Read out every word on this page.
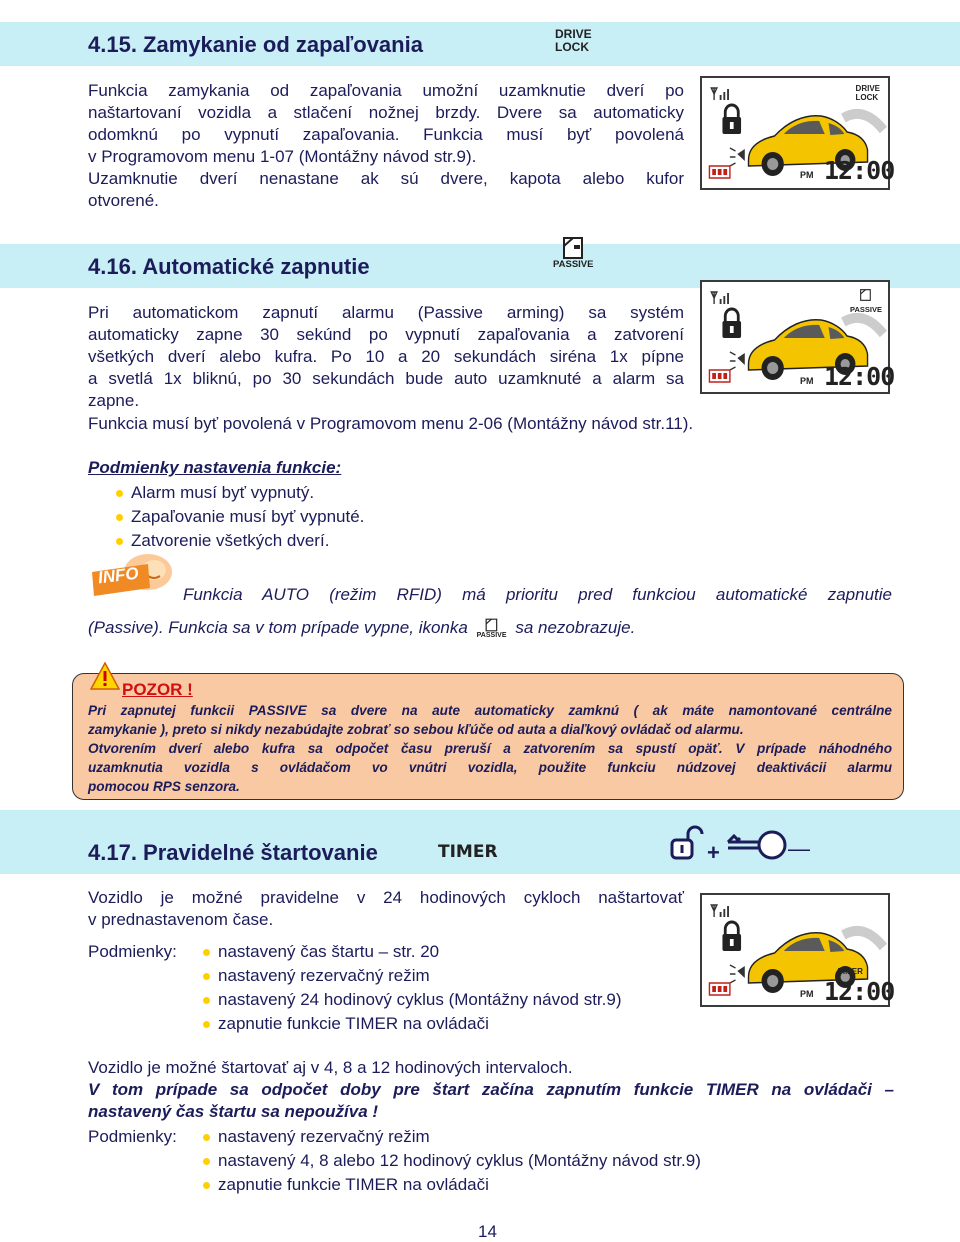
4.15. Zamykanie od zapaľovania	DRIVE
LOCK
Funkcia zamykania od zapaľovania umožní uzamknutie dverí po
naštartovaní vozidla a stlačení nožnej brzdy. Dvere sa automaticky
odomknú po vypnutí zapaľovania. Funkcia musí byť povolená
v Programovom menu 1-07 (Montážny návod str.9).
Uzamknutie dverí nenastane ak sú dvere, kapota alebo kufor
otvorené.
DRIVE
LOCK
PM 12:00
4.16. Automatické zapnutie	PASSIVE
Pri automatickom zapnutí alarmu (Passive arming) sa systém
automaticky zapne 30 sekúnd po vypnutí zapaľovania a zatvorení
všetkých dverí alebo kufra. Po 10 a 20 sekundách siréna 1x pípne
a svetlá 1x bliknú, po 30 sekundách bude auto uzamknuté a alarm sa
zapne.
Funkcia musí byť povolená v Programovom menu 2-06 (Montážny návod str.11).
PASSIVE
PM 12:00
Podmienky nastavenia funkcie:
Alarm musí byť vypnutý.
Zapaľovanie musí byť vypnuté.
Zatvorenie všetkých dverí.
INFO
Funkcia AUTO (režim RFID) má prioritu pred funkciou automatické zapnutie
(Passive). Funkcia sa v tom prípade vypne, ikonka	PASSIVE sa nezobrazuje.
POZOR !
Pri zapnutej funkcii PASSIVE sa dvere na aute automaticky zamknú ( ak máte namontované centrálne
zamykanie ), preto si nikdy nezabúdajte zobrať so sebou kľúče od auta a diaľkový ovládač od alarmu.
Otvorením dverí alebo kufra sa odpočet času preruší a zatvorením sa spustí opäť. V prípade náhodného
uzamknutia vozidla s ovládačom vo vnútri vozidla, použite funkciu núdzovej deaktivácii alarmu
pomocou RPS senzora.
4.17. Pravidelné štartovanie	TIMER	+	—
Vozidlo je možné pravidelne v 24 hodinových cykloch naštartovať
v prednastavenom čase.
Podmienky:	nastavený čas štartu – str. 20
nastavený rezervačný režim
nastavený 24 hodinový cyklus (Montážny návod str.9)
zapnutie funkcie TIMER na ovládači
TIMER
PM 12:00
Vozidlo je možné štartovať aj v 4, 8 a 12 hodinových intervaloch.
V tom prípade sa odpočet doby pre štart začína zapnutím funkcie TIMER na ovládači –
nastavený čas štartu sa nepoužíva !
Podmienky:	nastavený rezervačný režim
nastavený 4, 8 alebo 12 hodinový cyklus (Montážny návod str.9)
zapnutie funkcie TIMER na ovládači
14
